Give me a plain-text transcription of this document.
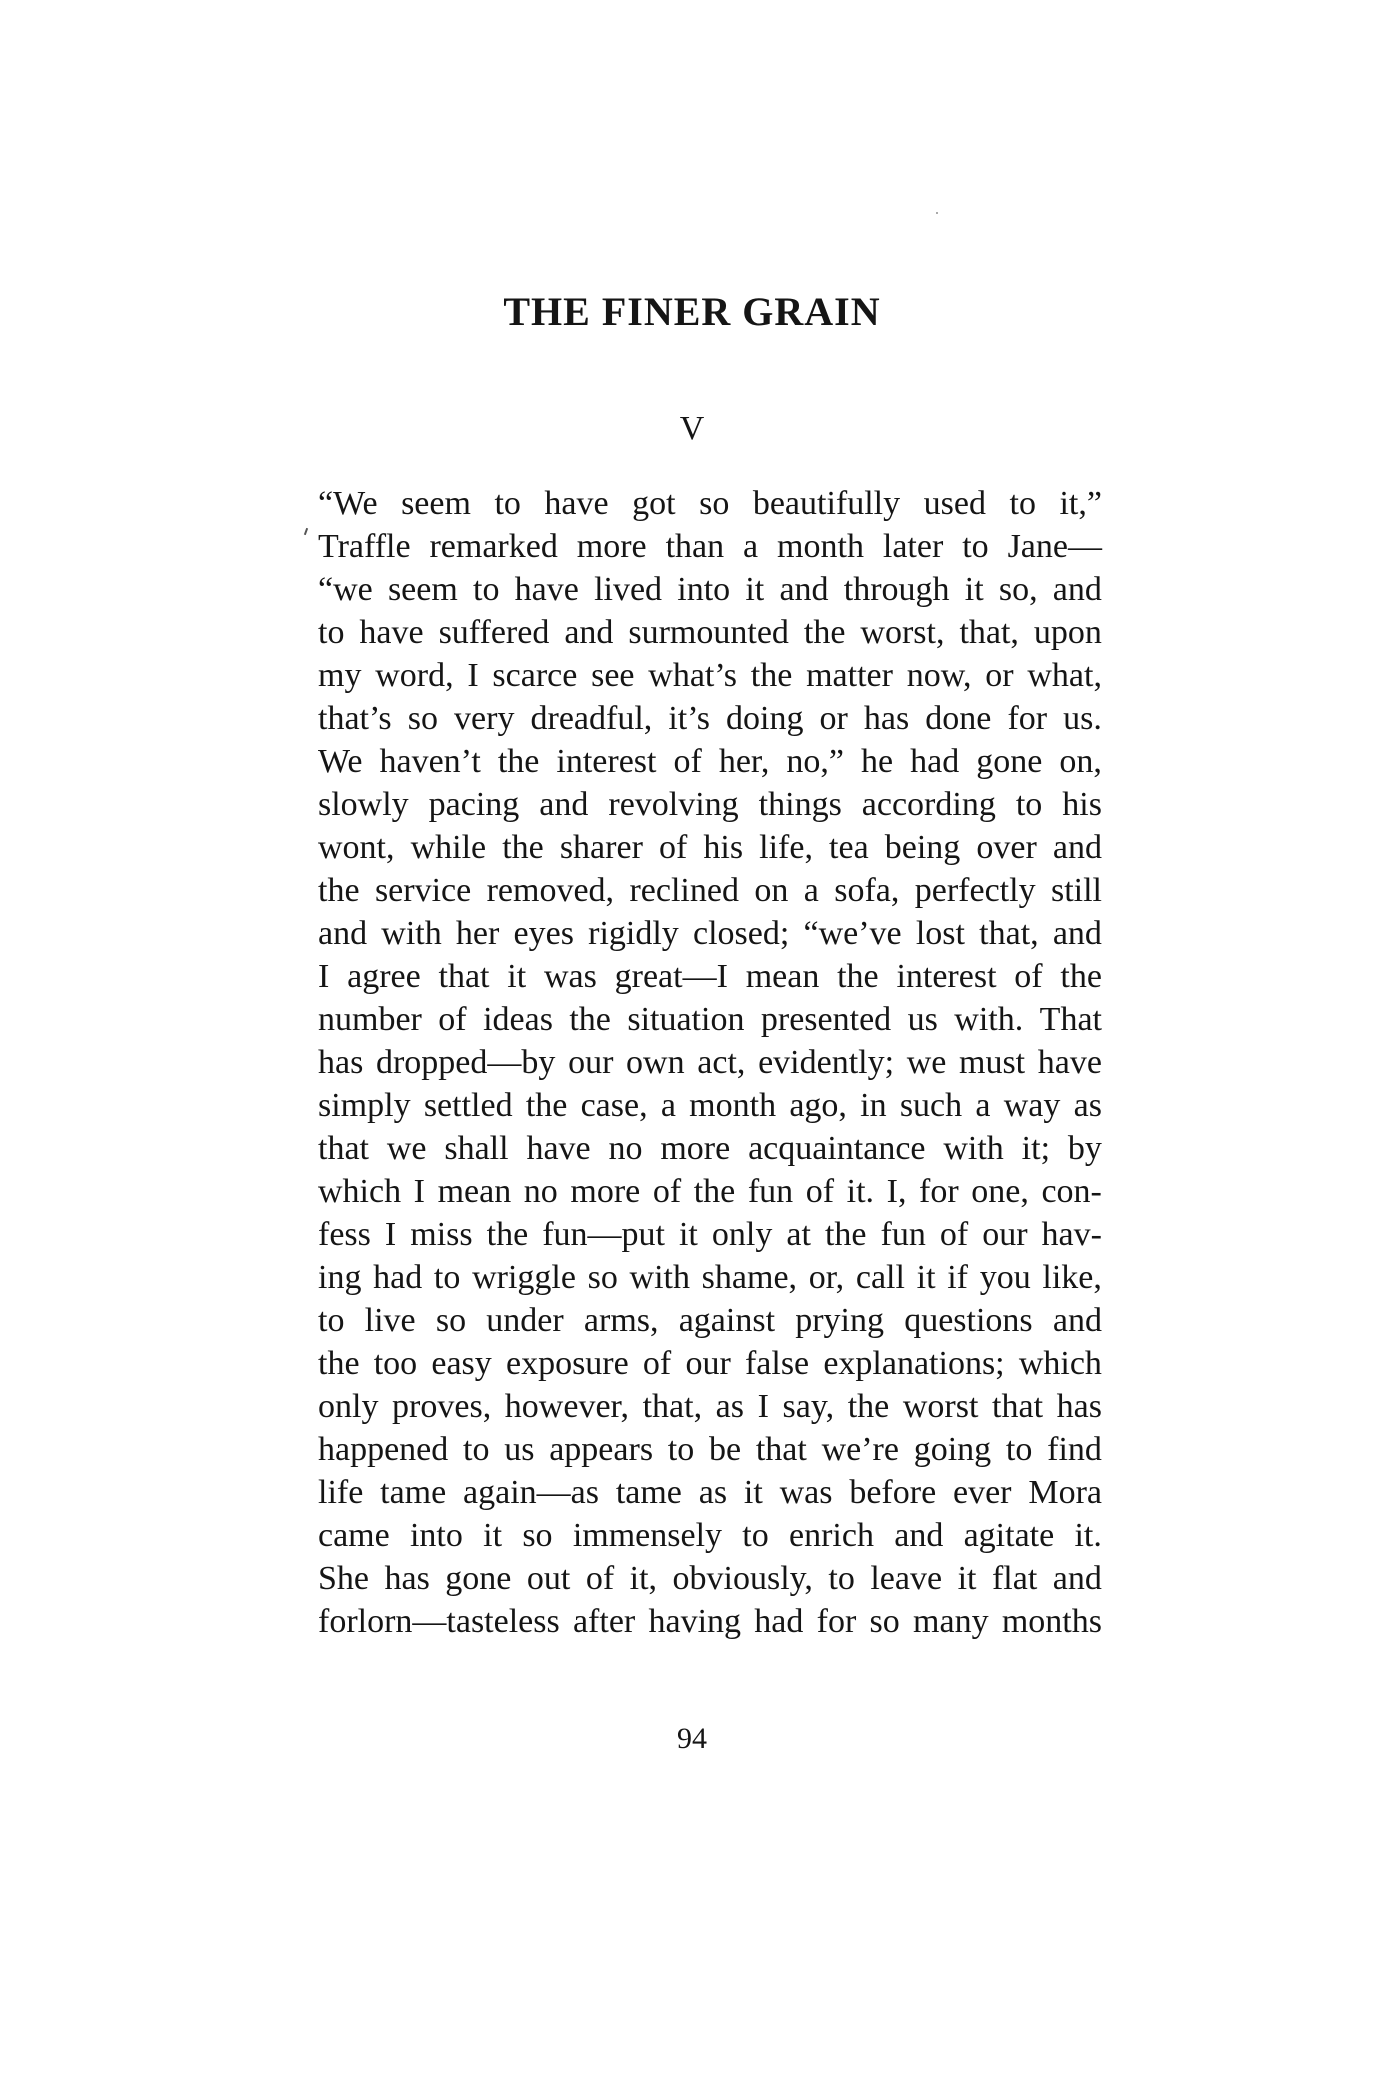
THE FINER GRAIN
V
“We seem to have got so beautifully used to it,”
Traffle remarked more than a month later to Jane—
“we seem to have lived into it and through it so, and
to have suffered and surmounted the worst, that, upon
my word, I scarce see what’s the matter now, or what,
that’s so very dreadful, it’s doing or has done for us.
We haven’t the interest of her, no,” he had gone on,
slowly pacing and revolving things according to his
wont, while the sharer of his life, tea being over and
the service removed, reclined on a sofa, perfectly still
and with her eyes rigidly closed; “we’ve lost that, and
I agree that it was great—I mean the interest of the
number of ideas the situation presented us with. That
has dropped—by our own act, evidently; we must have
simply settled the case, a month ago, in such a way as
that we shall have no more acquaintance with it; by
which I mean no more of the fun of it. I, for one, con-
fess I miss the fun—put it only at the fun of our hav-
ing had to wriggle so with shame, or, call it if you like,
to live so under arms, against prying questions and
the too easy exposure of our false explanations; which
only proves, however, that, as I say, the worst that has
happened to us appears to be that we’re going to find
life tame again—as tame as it was before ever Mora
came into it so immensely to enrich and agitate it.
She has gone out of it, obviously, to leave it flat and
forlorn—tasteless after having had for so many months
94
